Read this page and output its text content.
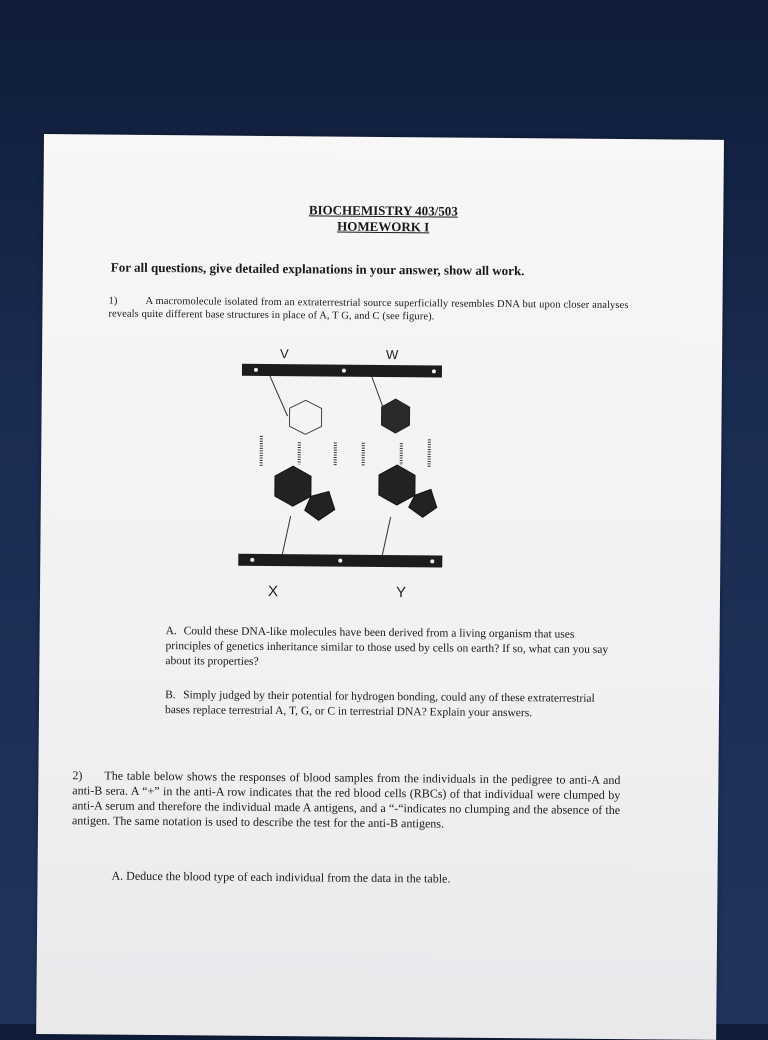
BIOCHEMISTRY 403/503
HOMEWORK I
For all questions, give detailed explanations in your answer, show all work.
1)	A macromolecule isolated from an extraterrestrial source superficially resembles DNA but upon closer analyses reveals quite different base structures in place of A, T G, and C (see figure).
V	W
X	Y
A. Could these DNA-like molecules have been derived from a living organism that uses principles of genetics inheritance similar to those used by cells on earth? If so, what can you say about its properties?
B. Simply judged by their potential for hydrogen bonding, could any of these extraterrestrial bases replace terrestrial A, T, G, or C in terrestrial DNA? Explain your answers.
2) The table below shows the responses of blood samples from the individuals in the pedigree to anti-A and anti-B sera. A “+” in the anti-A row indicates that the red blood cells (RBCs) of that individual were clumped by anti-A serum and therefore the individual made A antigens, and a “-“indicates no clumping and the absence of the antigen. The same notation is used to describe the test for the anti-B antigens.
A. Deduce the blood type of each individual from the data in the table.
